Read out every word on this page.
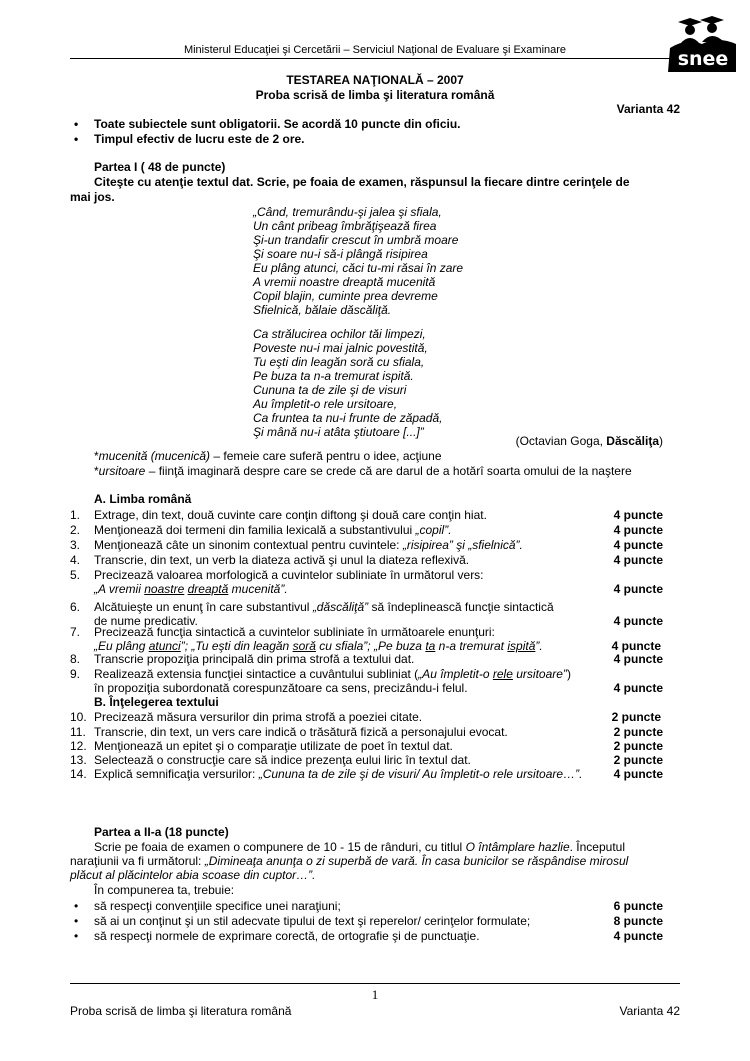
Ministerul Educaţiei şi Cercetării – Serviciul Naţional de Evaluare şi Examinare	snee
TESTAREA NAŢIONALĂ – 2007
Proba scrisă de limba şi literatura română
Varianta 42
• Toate subiectele sunt obligatorii. Se acordă 10 puncte din oficiu.
• Timpul efectiv de lucru este de 2 ore.
Partea I ( 48 de puncte)
Citeşte cu atenţie textul dat. Scrie, pe foaia de examen, răspunsul la fiecare dintre cerinţele de
mai jos.
„Când, tremurându-şi jalea şi sfiala,
Un cânt pribeag îmbrăţişează firea
Şi-un trandafir crescut în umbră moare
Şi soare nu-i să-i plângă risipirea
Eu plâng atunci, căci tu-mi răsai în zare
A vremii noastre dreaptă mucenită
Copil blajin, cuminte prea devreme
Sfielnică, bălaie dăscăliţă.
Ca strălucirea ochilor tăi limpezi,
Poveste nu-i mai jalnic povestită,
Tu eşti din leagăn soră cu sfiala,
Pe buza ta n-a tremurat ispită.
Cununa ta de zile şi de visuri
Au împletit-o rele ursitoare,
Ca fruntea ta nu-i frunte de zăpadă,
Şi mână nu-i atâta ştiutoare [...]”
(Octavian Goga, Dăscăliţa)
*mucenită (mucenică) – femeie care suferă pentru o idee, acţiune
*ursitoare – fiinţă imaginară despre care se crede că are darul de a hotărî soarta omului de la naştere
A. Limba română
1. Extrage, din text, două cuvinte care conţin diftong şi două care conţin hiat.	4 puncte
2. Menţionează doi termeni din familia lexicală a substantivului „copil”.	4 puncte
3. Menţionează câte un sinonim contextual pentru cuvintele: „risipirea” şi „sfielnică”.	4 puncte
4. Transcrie, din text, un verb la diateza activă şi unul la diateza reflexivă.	4 puncte
5. Precizează valoarea morfologică a cuvintelor subliniate în următorul vers:
„A vremii noastre dreaptă mucenită”.	4 puncte
6. Alcătuieşte un enunţ în care substantivul „dăscăliţă” să îndeplinească funcţie sintactică
de nume predicativ.	4 puncte
7. Precizează funcţia sintactică a cuvintelor subliniate în următoarele enunţuri:
„Eu plâng atunci”; „Tu eşti din leagăn soră cu sfiala”; „Pe buza ta n-a tremurat ispită”.	4 puncte
8. Transcrie propoziţia principală din prima strofă a textului dat.	4 puncte
9. Realizează extensia funcţiei sintactice a cuvântului subliniat („Au împletit-o rele ursitoare”)
în propoziţia subordonată corespunzătoare ca sens, precizându-i felul.	4 puncte
B. Înţelegerea textului
10. Precizează măsura versurilor din prima strofă a poeziei citate.	2 puncte
11. Transcrie, din text, un vers care indică o trăsătură fizică a personajului evocat.	2 puncte
12. Menţionează un epitet şi o comparaţie utilizate de poet în textul dat.	2 puncte
13. Selectează o construcţie care să indice prezenţa eului liric în textul dat.	2 puncte
14. Explică semnificaţia versurilor: „Cununa ta de zile şi de visuri/ Au împletit-o rele ursitoare…”.	4 puncte
Partea a II-a (18 puncte)
Scrie pe foaia de examen o compunere de 10 - 15 de rânduri, cu titlul O întâmplare hazlie. Începutul
naraţiunii va fi următorul: „Dimineaţa anunţa o zi superbă de vară. În casa bunicilor se răspândise mirosul
plăcut al plăcintelor abia scoase din cuptor…”.
În compunerea ta, trebuie:
• să respecţi convenţiile specifice unei naraţiuni;	6 puncte
• să ai un conţinut şi un stil adecvate tipului de text şi reperelor/ cerinţelor formulate;	8 puncte
• să respecţi normele de exprimare corectă, de ortografie şi de punctuaţie.	4 puncte
1
Proba scrisă de limba şi literatura română	Varianta 42
